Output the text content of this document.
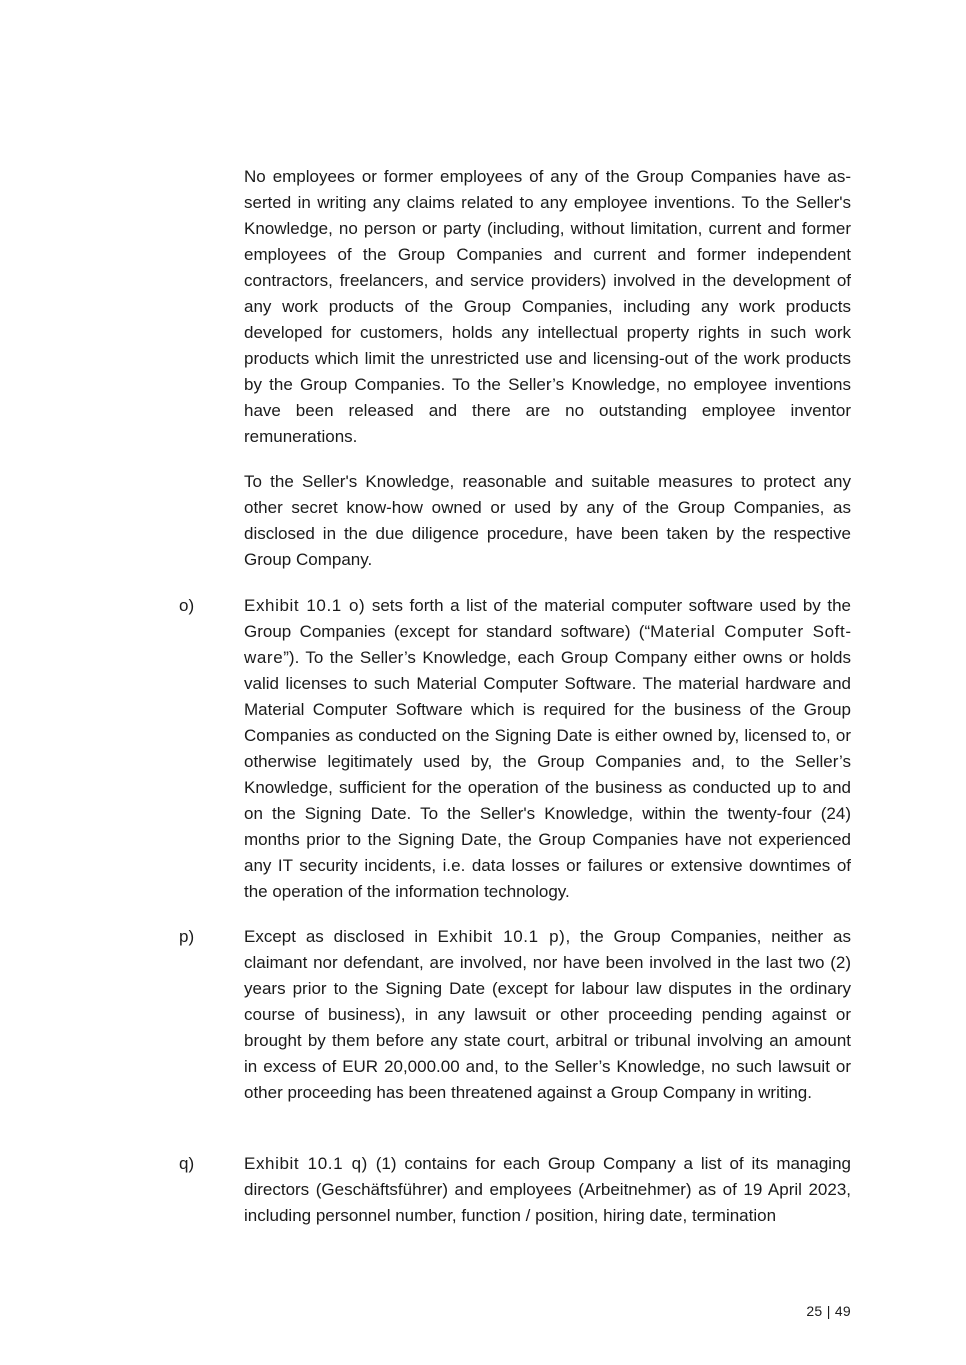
No employees or former employees of any of the Group Companies have asserted in writing any claims related to any employee inventions. To the Seller's Knowledge, no person or party (including, without limitation, current and former employees of the Group Companies and current and former independent contractors, freelancers, and service providers) involved in the development of any work products of the Group Companies, including any work products developed for customers, holds any intellectual property rights in such work products which limit the unrestricted use and licensing-out of the work products by the Group Companies. To the Seller’s Knowledge, no employee inventions have been released and there are no outstanding employee inventor remunerations.

To the Seller's Knowledge, reasonable and suitable measures to protect any other secret know-how owned or used by any of the Group Companies, as disclosed in the due diligence procedure, have been taken by the respective Group Company.

o)	Exhibit 10.1 o) sets forth a list of the material computer software used by the Group Companies (except for standard software) (“Material Computer Software”). To the Seller’s Knowledge, each Group Company either owns or holds valid licenses to such Material Computer Software. The material hardware and Material Computer Software which is required for the business of the Group Companies as conducted on the Signing Date is either owned by, licensed to, or otherwise legitimately used by, the Group Companies and, to the Seller’s Knowledge, sufficient for the operation of the business as conducted up to and on the Signing Date. To the Seller's Knowledge, within the twenty-four (24) months prior to the Signing Date, the Group Companies have not experienced any IT security incidents, i.e. data losses or failures or extensive downtimes of the operation of the information technology.

p)	Except as disclosed in Exhibit 10.1 p), the Group Companies, neither as claimant nor defendant, are involved, nor have been involved in the last two (2) years prior to the Signing Date (except for labour law disputes in the ordinary course of business), in any lawsuit or other proceeding pending against or brought by them before any state court, arbitral or tribunal involving an amount in excess of EUR 20,000.00 and, to the Seller’s Knowledge, no such lawsuit or other proceeding has been threatened against a Group Company in writing.

q)	Exhibit 10.1 q) (1) contains for each Group Company a list of its managing directors (Geschäftsführer) and employees (Arbeitnehmer) as of 19 April 2023, including personnel number, function / position, hiring date, termination

25 | 49
